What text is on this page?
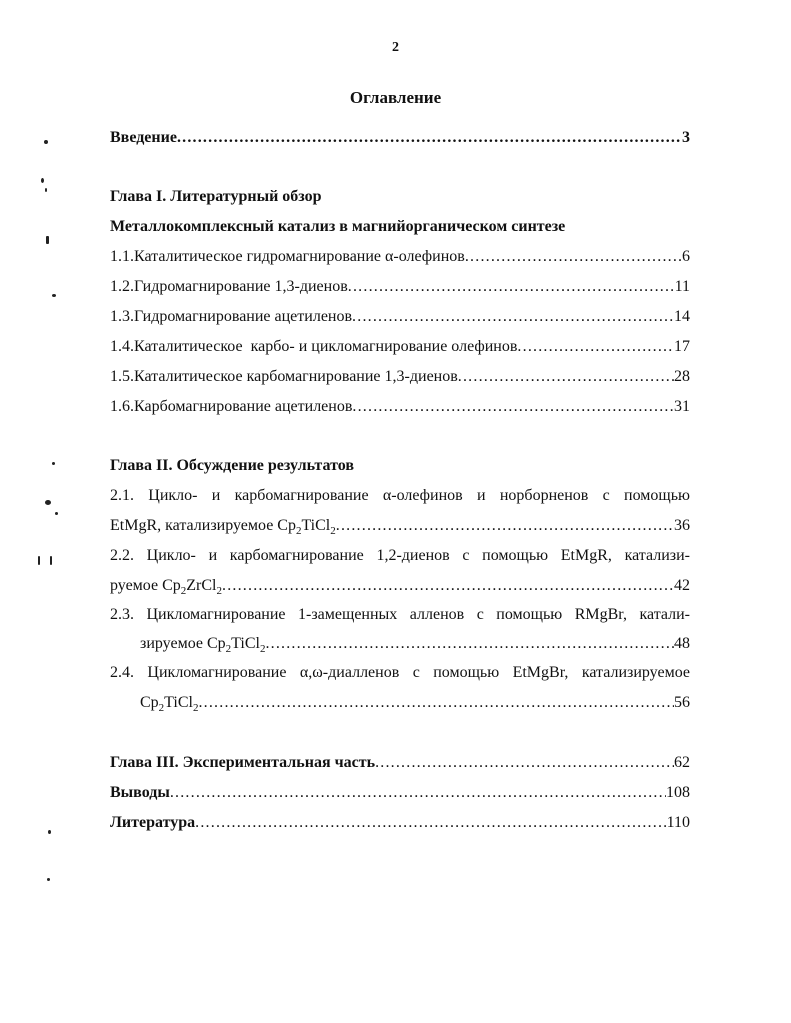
2
Оглавление
Введение .....	3
Глава I. Литературный обзор
Металлокомплексный катализ в магнийорганическом синтезе
1.1.Каталитическое гидромагнирование α-олефинов .....	6
1.2.Гидромагнирование 1,3-диенов .....	11
1.3.Гидромагнирование ацетиленов .....	14
1.4.Каталитическое  карбо- и цикломагнирование олефинов .....	17
1.5.Каталитическое карбомагнирование 1,3-диенов .....	28
1.6.Карбомагнирование ацетиленов .....	31
Глава II. Обсуждение результатов
2.1. Цикло- и карбомагнирование α-олефинов и норборненов с помощью
EtMgR, катализируемое $Cp_2TiCl_2$ .....	36
2.2. Цикло- и карбомагнирование 1,2-диенов с помощью EtMgR, катализи-
руемое $Cp_2ZrCl_2$ .....	42
2.3. Цикломагнирование 1-замещенных алленов с помощью RMgBr, катали-
зируемое $Cp_2TiCl_2$ .....	48
2.4. Цикломагнирование α,ω-диалленов с помощью EtMgBr, катализируемое
$Cp_2TiCl_2$ .....	56
Глава III. Экспериментальная часть .....	62
Выводы .....	108
Литература .....	110
